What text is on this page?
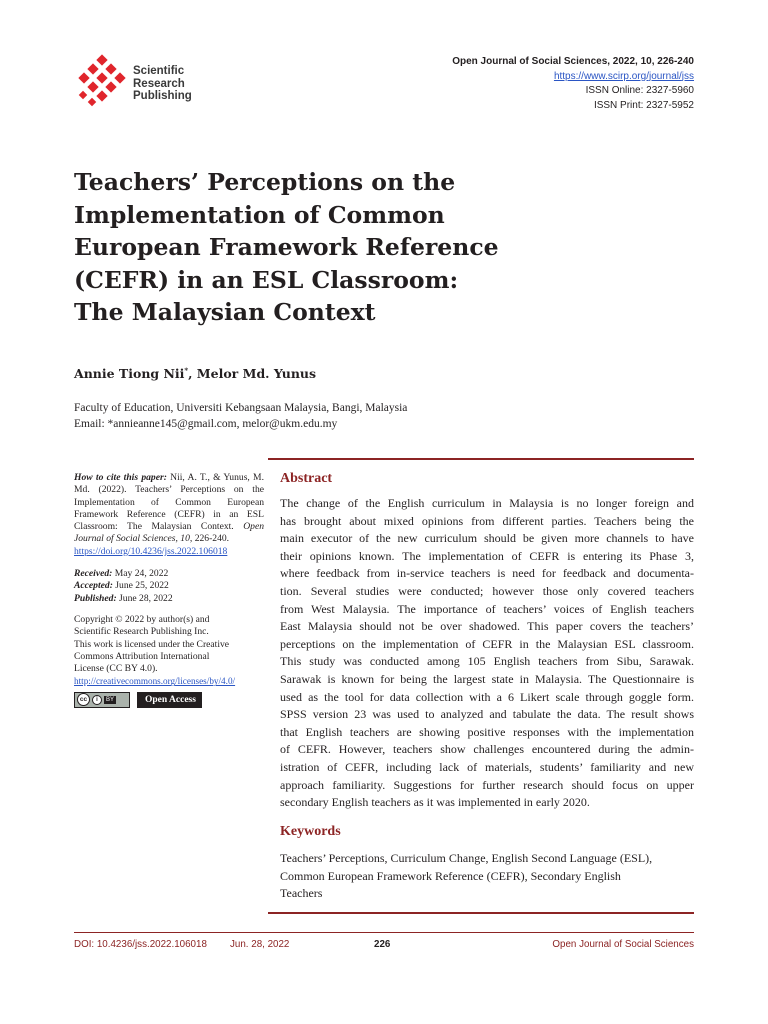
Scientific
Research
Publishing
Open Journal of Social Sciences, 2022, 10, 226-240
https://www.scirp.org/journal/jss
ISSN Online: 2327-5960
ISSN Print: 2327-5952
Teachers’ Perceptions on the
Implementation of Common
European Framework Reference
(CEFR) in an ESL Classroom:
The Malaysian Context
Annie Tiong Nii*, Melor Md. Yunus
Faculty of Education, Universiti Kebangsaan Malaysia, Bangi, Malaysia
Email: *annieanne145@gmail.com, melor@ukm.edu.my
How to cite this paper: Nii, A. T., & Yunus, M. Md. (2022). Teachers’ Perceptions on the Implementation of Common European Framework Reference (CEFR) in an ESL Classroom: The Malaysian Context. Open Journal of Social Sciences, 10, 226-240.
https://doi.org/10.4236/jss.2022.106018
Received: May 24, 2022
Accepted: June 25, 2022
Published: June 28, 2022
Copyright © 2022 by author(s) and
Scientific Research Publishing Inc.
This work is licensed under the Creative
Commons Attribution International
License (CC BY 4.0).
http://creativecommons.org/licenses/by/4.0/
cc	i	BY	Open Access
Abstract
The change of the English curriculum in Malaysia is no longer foreign and
has brought about mixed opinions from different parties. Teachers being the
main executor of the new curriculum should be given more channels to have
their opinions known. The implementation of CEFR is entering its Phase 3,
where feedback from in-service teachers is need for feedback and documenta-
tion. Several studies were conducted; however those only covered teachers
from West Malaysia. The importance of teachers’ voices of English teachers
East Malaysia should not be over shadowed. This paper covers the teachers’
perceptions on the implementation of CEFR in the Malaysian ESL classroom.
This study was conducted among 105 English teachers from Sibu, Sarawak.
Sarawak is known for being the largest state in Malaysia. The Questionnaire is
used as the tool for data collection with a 6 Likert scale through goggle form.
SPSS version 23 was used to analyzed and tabulate the data. The result shows
that English teachers are showing positive responses with the implementation
of CEFR. However, teachers show challenges encountered during the admin-
istration of CEFR, including lack of materials, students’ familiarity and new
approach familiarity. Suggestions for further research should focus on upper
secondary English teachers as it was implemented in early 2020.
Keywords
Teachers’ Perceptions, Curriculum Change, English Second Language (ESL),
Common European Framework Reference (CEFR), Secondary English
Teachers
DOI: 10.4236/jss.2022.106018 Jun. 28, 2022	226	Open Journal of Social Sciences
